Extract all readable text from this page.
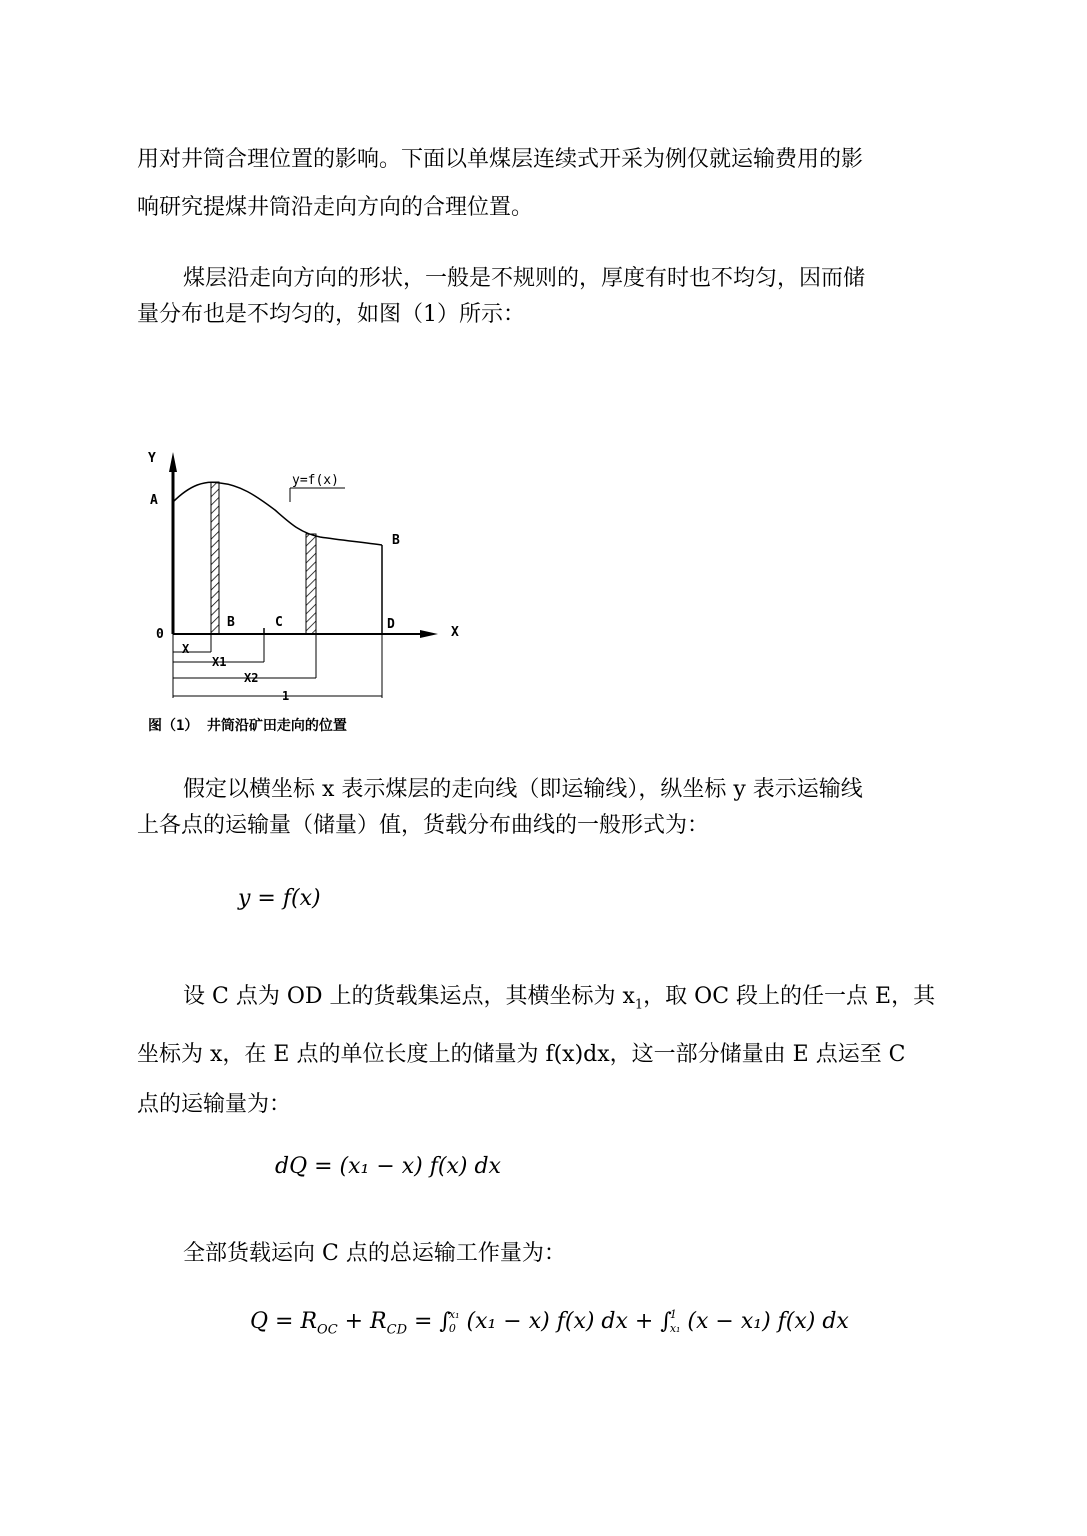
用对井筒合理位置的影响。下面以单煤层连续式开采为例仅就运输费用的影
响研究提煤井筒沿走向方向的合理位置。
煤层沿走向方向的形状，一般是不规则的，厚度有时也不均匀，因而储
量分布也是不均匀的，如图（1）所示：
y=f(x)
Y
A
B
0
B	C	D
X
X
X1
X2
1
图（1） 井筒沿矿田走向的位置
假定以横坐标 x 表示煤层的走向线（即运输线），纵坐标 y 表示运输线
上各点的运输量（储量）值，货载分布曲线的一般形式为：
y = f(x)
设 C 点为 OD 上的货载集运点，其横坐标为 $x_1$，取 OC 段上的任一点 E，其
坐标为 x，在 E 点的单位长度上的储量为 f(x)dx，这一部分储量由 E 点运至 C
点的运输量为：
dQ = (x₁ − x) f(x) dx
全部货载运向 C 点的总运输工作量为：
$Q = R_{OC} + R_{CD}$ = ∫
x₁
0 (x₁ − x) f(x) dx + ∫
1
x₁ (x − x₁) f(x) dx
